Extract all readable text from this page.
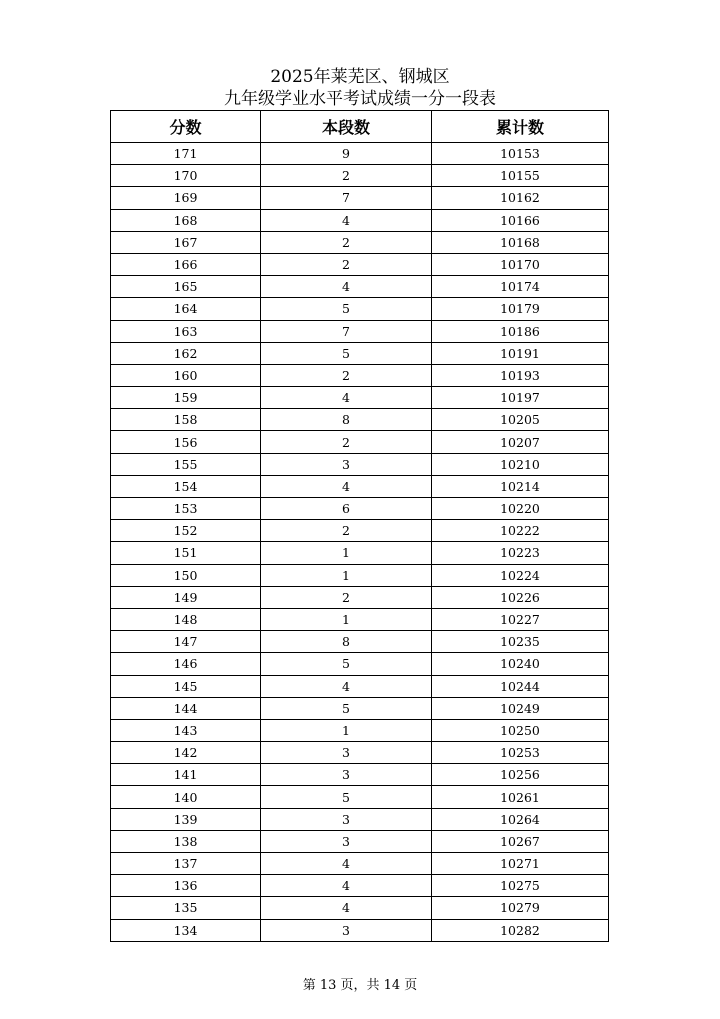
2025年莱芜区、钢城区
九年级学业水平考试成绩一分一段表
分数	本段数	累计数
171	9	10153
170	2	10155
169	7	10162
168	4	10166
167	2	10168
166	2	10170
165	4	10174
164	5	10179
163	7	10186
162	5	10191
160	2	10193
159	4	10197
158	8	10205
156	2	10207
155	3	10210
154	4	10214
153	6	10220
152	2	10222
151	1	10223
150	1	10224
149	2	10226
148	1	10227
147	8	10235
146	5	10240
145	4	10244
144	5	10249
143	1	10250
142	3	10253
141	3	10256
140	5	10261
139	3	10264
138	3	10267
137	4	10271
136	4	10275
135	4	10279
134	3	10282
第 13 页，共 14 页
